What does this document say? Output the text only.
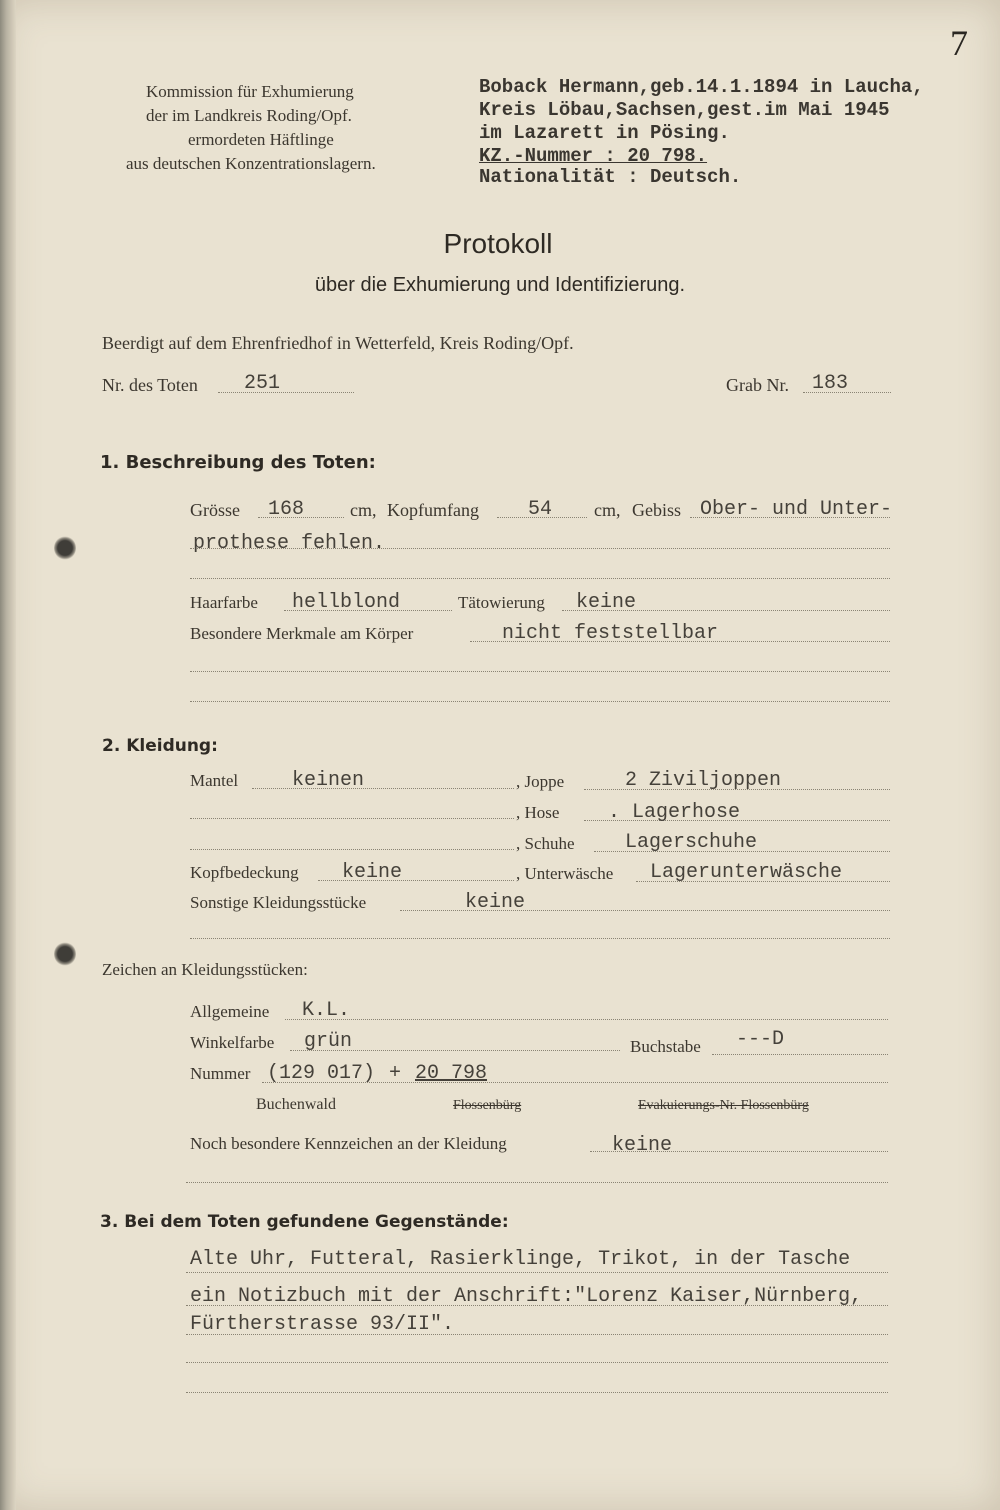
7
Kommission für Exhumierung
der im Landkreis Roding/Opf.
ermordeten Häftlinge
aus deutschen Konzentrationslagern.
Boback Hermann,geb.14.1.1894 in Laucha,
Kreis Löbau,Sachsen,gest.im Mai 1945
im Lazarett in Pösing.
KZ.-Nummer : 20 798.
Nationalität : Deutsch.
Protokoll
über die Exhumierung und Identifizierung.
Beerdigt auf dem Ehrenfriedhof in Wetterfeld, Kreis Roding/Opf.
Nr. des Toten 251	Grab Nr. 183
1. Beschreibung des Toten:
Grösse 168	cm, Kopfumfang 54 cm, Gebiss Ober- und Unter-
prothese fehlen.
Haarfarbe hellblond	Tätowierung keine
Besondere Merkmale am Körper	nicht feststellbar
2. Kleidung:
Mantel	keinen	, Joppe	2 Ziviljoppen
, Hose . Lagerhose
, Schuhe	Lagerschuhe
Kopfbedeckung keine	, Unterwäsche Lagerunterwäsche
Sonstige Kleidungsstücke	keine
Zeichen an Kleidungsstücken:
Allgemeine K.L.
Winkelfarbe grün	Buchstabe ---D
Nummer (129 017) + 20 798
Buchenwald	Flossenbürg	Evakuierungs-Nr. Flossenbürg
Noch besondere Kennzeichen an der Kleidung	keine
3. Bei dem Toten gefundene Gegenstände:
Alte Uhr, Futteral, Rasierklinge, Trikot, in der Tasche
ein Notizbuch mit der Anschrift:"Lorenz Kaiser,Nürnberg,
Fürtherstrasse 93/II".
